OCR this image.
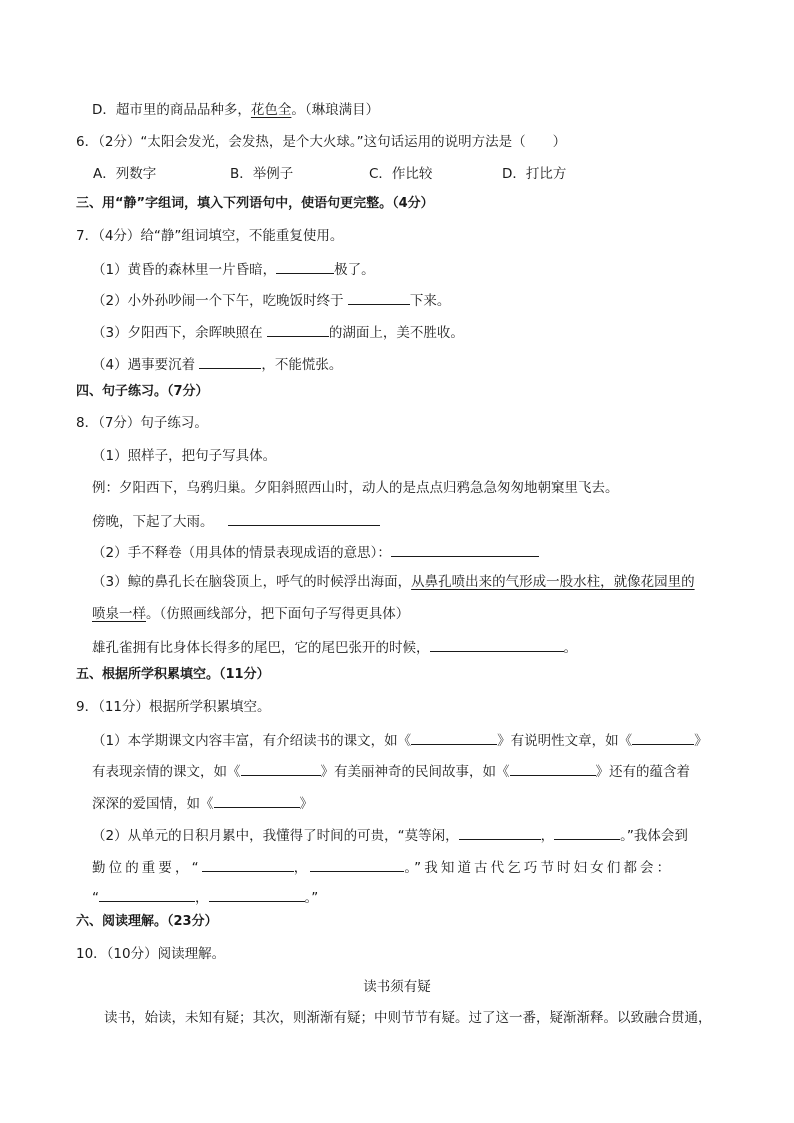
D．超市里的商品品种多，花色全。（琳琅满目）
6．（2分）“太阳会发光，会发热，是个大火球。”这句话运用的说明方法是（　　）
A．列数字	B．举例子	C．作比较	D．打比方
三、用“静”字组词，填入下列语句中，使语句更完整。（4分）
7．（4分）给“静”组词填空，不能重复使用。
（1）黄昏的森林里一片昏暗，	极了。
（2）小外孙吵闹一个下午，吃晚饭时终于	下来。
（3）夕阳西下，余晖映照在	的湖面上，美不胜收。
（4）遇事要沉着	，不能慌张。
四、句子练习。（7分）
8．（7分）句子练习。
（1）照样子，把句子写具体。
例：夕阳西下，乌鸦归巢。夕阳斜照西山时，动人的是点点归鸦急急匆匆地朝窠里飞去。
傍晚，下起了大雨。
（2）手不释卷（用具体的情景表现成语的意思）：
（3）鲸的鼻孔长在脑袋顶上，呼气的时候浮出海面，从鼻孔喷出来的气形成一股水柱，就像花园里的
喷泉一样。（仿照画线部分，把下面句子写得更具体）
雄孔雀拥有比身体长得多的尾巴，它的尾巴张开的时候，	。
五、根据所学积累填空。（11分）
9．（11分）根据所学积累填空。
（1）本学期课文内容丰富，有介绍读书的课文，如《	》有说明性文章，如《	》
有表现亲情的课文，如《	》有美丽神奇的民间故事，如《	》还有的蕴含着
深深的爱国情，如《	》
（2）从单元的日积月累中，我懂得了时间的可贵，“莫等闲，	，	。”我体会到
勤位的重要，“	，	。”我知道古代乞巧节时妇女们都会：
“	，	。”
六、阅读理解。（23分）
10．（10分）阅读理解。
读书须有疑
读书，始读，未知有疑；其次，则渐渐有疑；中则节节有疑。过了这一番，疑渐渐释。以致融合贯通，
